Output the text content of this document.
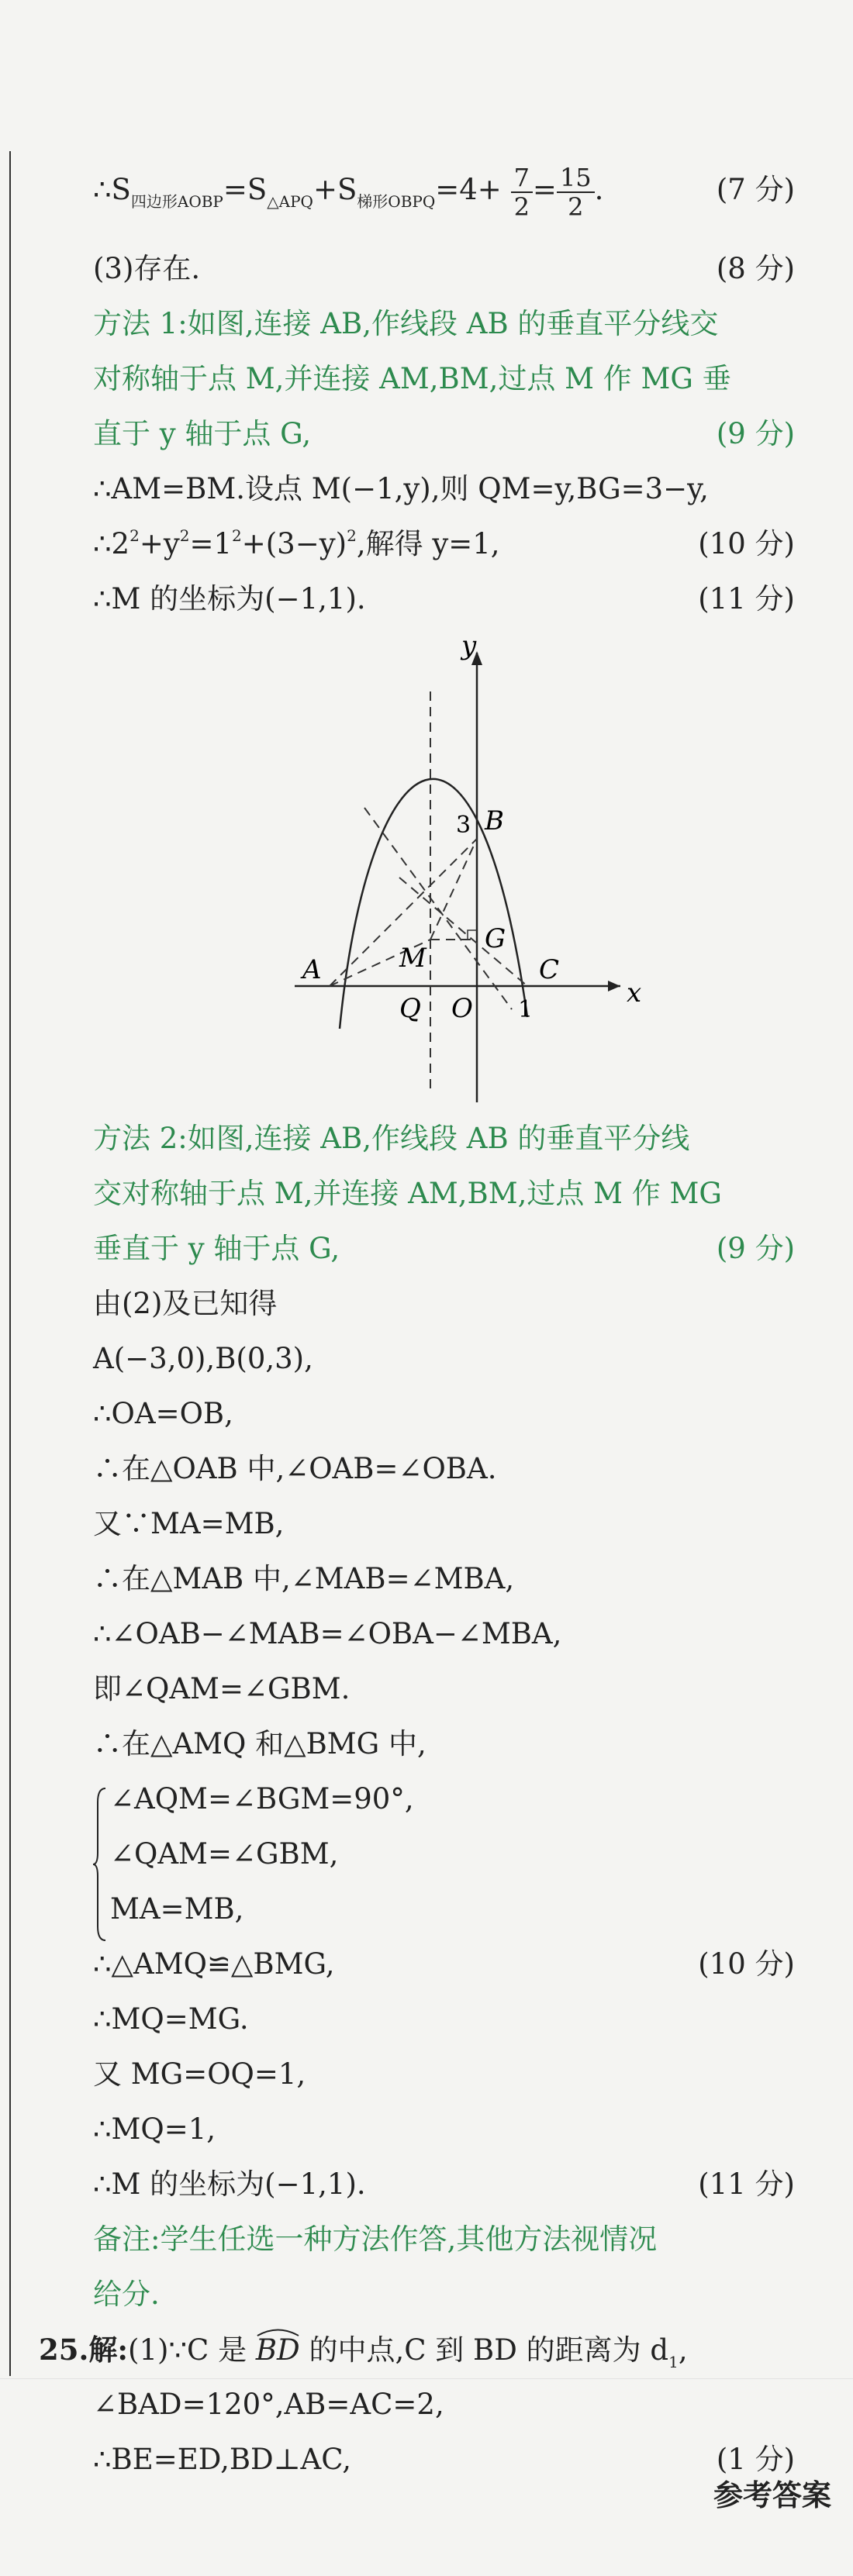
$\therefore S_{四边形AOBP}=S_{\triangle APQ}+S_{梯形OBPQ}=4+ \frac{7}{2} = \frac{15}{2}$ .	(7 分)
(3)存在.	(8 分)
方法 1:如图,连接 AB,作线段 AB 的垂直平分线交
对称轴于点 M,并连接 AM,BM,过点 M 作 MG 垂
直于 y 轴于点 G,	(9 分)
∴AM=BM.设点 M(−1,y),则 QM=y,BG=3−y,
$\therefore 2^2+y^2=1^2+(3-y)^2$,解得 y=1,	(10 分)
∴M 的坐标为(−1,1).	(11 分)
y
x
3 B
G
A	M	C
Q O 1
方法 2:如图,连接 AB,作线段 AB 的垂直平分线
交对称轴于点 M,并连接 AM,BM,过点 M 作 MG
垂直于 y 轴于点 G,	(9 分)
由(2)及已知得
A(−3,0),B(0,3),
∴OA=OB,
∴在△OAB 中,∠OAB=∠OBA.
又∵MA=MB,
∴在△MAB 中,∠MAB=∠MBA,
∴∠OAB−∠MAB=∠OBA−∠MBA,
即∠QAM=∠GBM.
∴在△AMQ 和△BMG 中,
∠AQM=∠BGM=90°,
∠QAM=∠GBM,
MA=MB,
∴△AMQ≌△BMG,	(10 分)
∴MQ=MG.
又 MG=OQ=1,
∴MQ=1,
∴M 的坐标为(−1,1).	(11 分)
备注:学生任选一种方法作答,其他方法视情况
给分.
25.解:(1)∵C 是
BD 的中点,C 到 BD 的距离为 $d_1$,
∠BAD=120°,AB=AC=2,
∴BE=ED,BD⊥AC,	(1 分)
参考答案
